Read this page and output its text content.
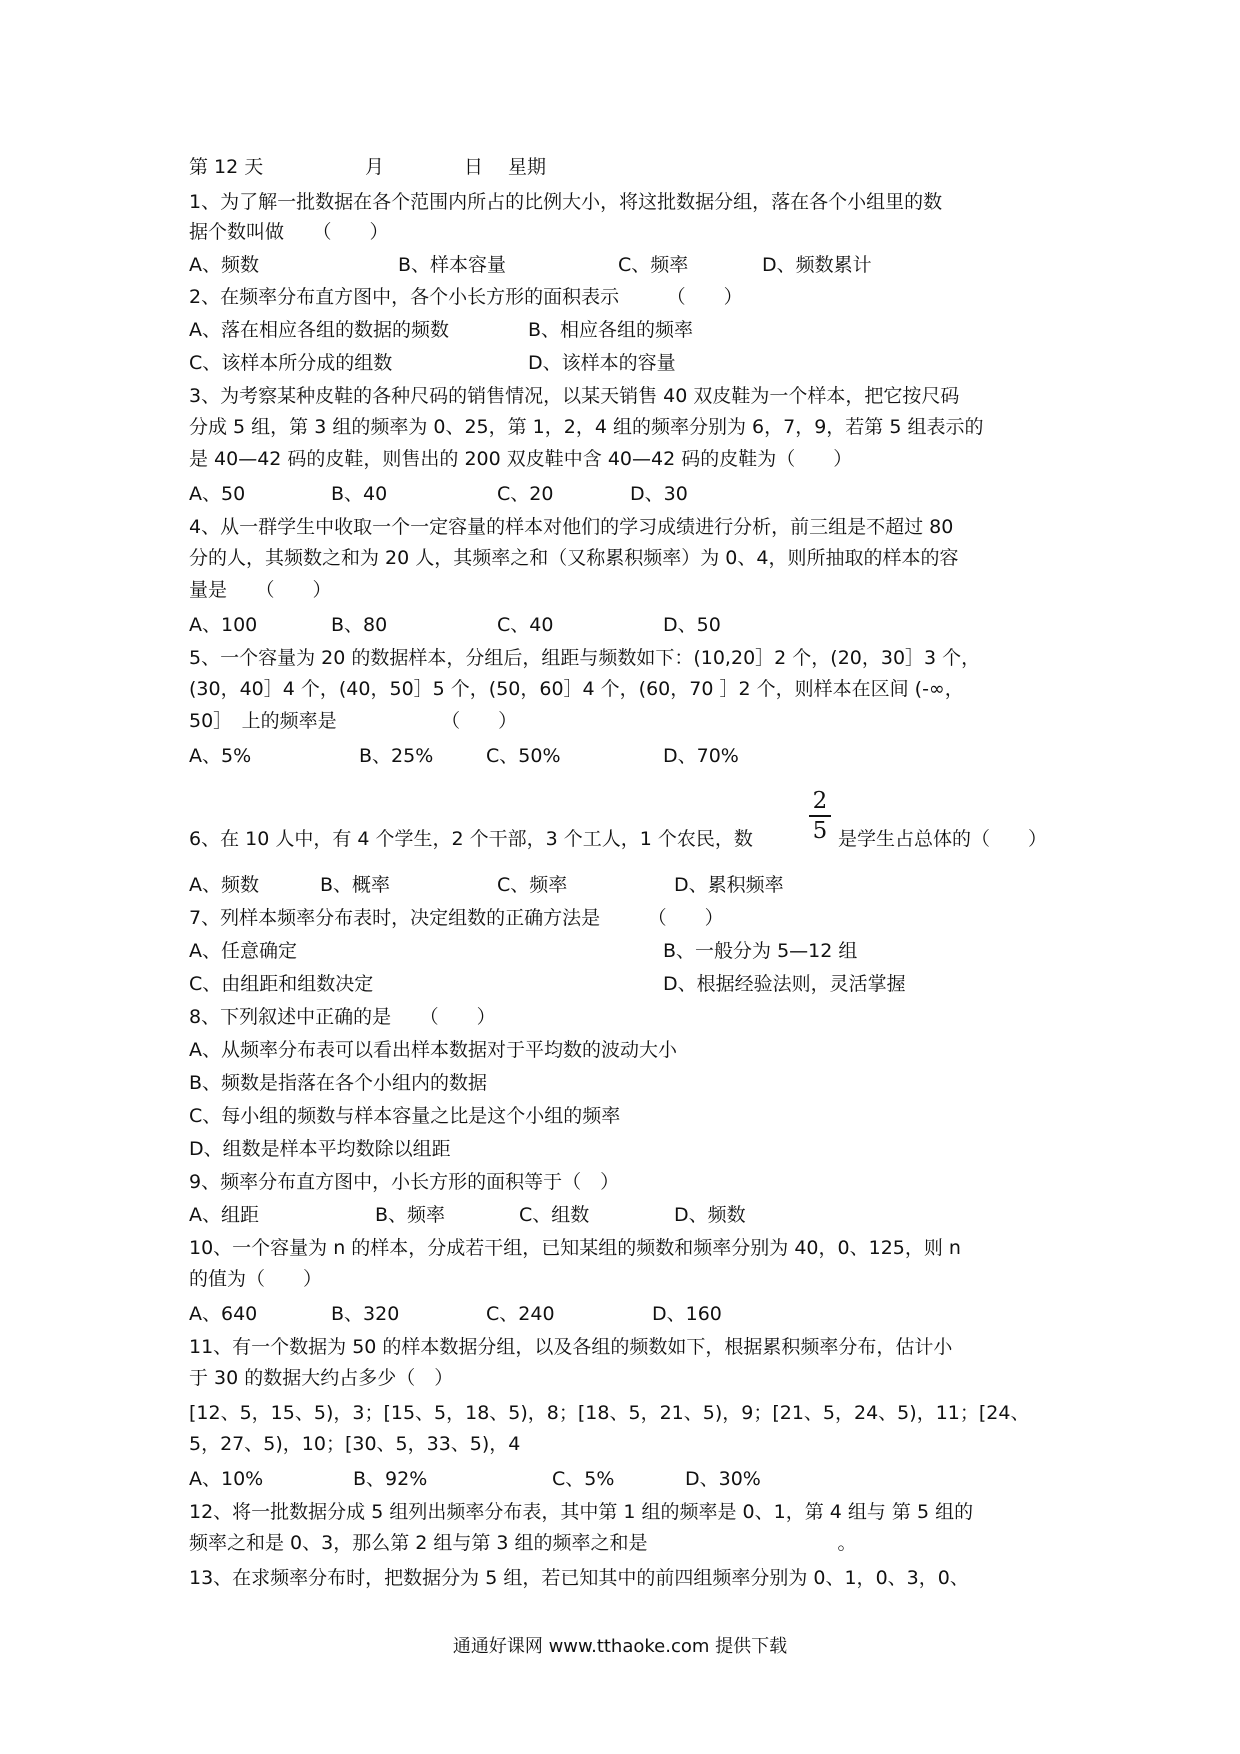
第 12 天	月	日 星期
1、为了解一批数据在各个范围内所占的比例大小，将这批数据分组，落在各个小组里的数
据个数叫做　　（　　）
A、频数	B、样本容量	C、频率	D、频数累计
2、在频率分布直方图中，各个小长方形的面积表示　　　（　　）
A、落在相应各组的数据的频数	B、相应各组的频率
C、该样本所分成的组数	D、该样本的容量
3、为考察某种皮鞋的各种尺码的销售情况，以某天销售 40 双皮鞋为一个样本，把它按尺码
分成 5 组，第 3 组的频率为 0、25，第 1，2，4 组的频率分别为 6，7，9，若第 5 组表示的
是 40—42 码的皮鞋，则售出的 200 双皮鞋中含 40—42 码的皮鞋为（　　）
A、50	B、40	C、20	D、30
4、从一群学生中收取一个一定容量的样本对他们的学习成绩进行分析，前三组是不超过 80
分的人，其频数之和为 20 人，其频率之和（又称累积频率）为 0、4，则所抽取的样本的容
量是　　（　　）
A、100	B、80	C、40	D、50
5、一个容量为 20 的数据样本，分组后，组距与频数如下：(10,20］2 个，(20，30］3 个，
(30，40］4 个，(40，50］5 个，(50，60］4 个，(60，70 ］2 个，则样本在区间 (-∞，
50］　上的频率是　　　　　　（　　）
A、5%	B、25%	C、50%	D、70%
6、在 10 人中，有 4 个学生，2 个干部，3 个工人，1 个农民，数	是学生占总体的（　　）
A、频数	B、概率	C、频率	D、累积频率
7、列样本频率分布表时，决定组数的正确方法是　　　（　　）
A、任意确定	B、一般分为 5—12 组
C、由组距和组数决定	D、根据经验法则，灵活掌握
8、下列叙述中正确的是　　（　　）
A、从频率分布表可以看出样本数据对于平均数的波动大小
B、频数是指落在各个小组内的数据
C、每小组的频数与样本容量之比是这个小组的频率
D、组数是样本平均数除以组距
9、频率分布直方图中，小长方形的面积等于（　）
A、组距	B、频率	C、组数	D、频数
10、一个容量为 n 的样本，分成若干组，已知某组的频数和频率分别为 40，0、125，则 n
的值为（　　）
A、640	B、320	C、240	D、160
11、有一个数据为 50 的样本数据分组，以及各组的频数如下，根据累积频率分布，估计小
于 30 的数据大约占多少（　）
[12、5，15、5)，3；[15、5，18、5)，8；[18、5，21、5)，9；[21、5，24、5)，11；[24、
5，27、5)，10；[30、5，33、5)，4
A、10%	B、92%	C、5%	D、30%
12、将一批数据分成 5 组列出频率分布表，其中第 1 组的频率是 0、1，第 4 组与 第 5 组的
频率之和是 0、3，那么第 2 组与第 3 组的频率之和是　　　　　　　　　　。
13、在求频率分布时，把数据分为 5 组，若已知其中的前四组频率分别为 0、1，0、3，0、
2
5
通通好课网 www.tthaoke.com 提供下载
